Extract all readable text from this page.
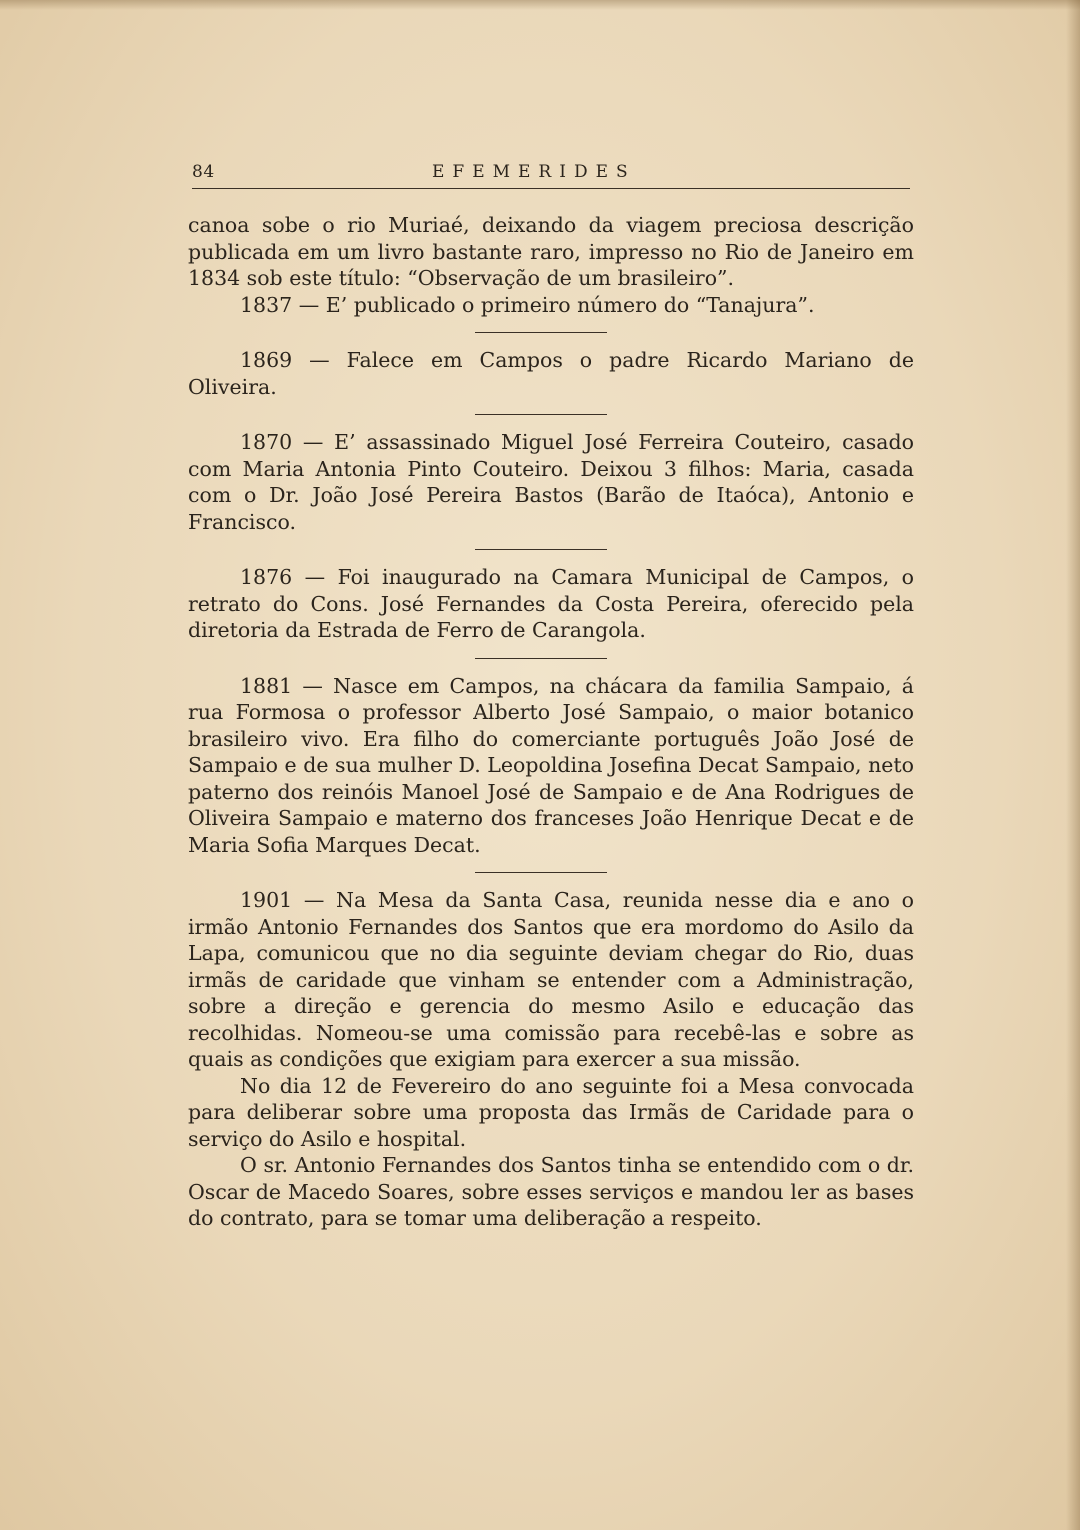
84	EFEMERIDES

canoa sobe o rio Muriaé, deixando da viagem preciosa descrição publicada em um livro bastante raro, impresso no Rio de Janeiro em 1834 sob este título: “Observação de um brasileiro”.

1837 — E’ publicado o primeiro número do “Tanajura”.

1869 — Falece em Campos o padre Ricardo Mariano de Oliveira.

1870 — E’ assassinado Miguel José Ferreira Couteiro, casado com Maria Antonia Pinto Couteiro. Deixou 3 filhos: Maria, casada com o Dr. João José Pereira Bastos (Barão de Itaóca), Antonio e Francisco.

1876 — Foi inaugurado na Camara Municipal de Campos, o retrato do Cons. José Fernandes da Costa Pereira, oferecido pela diretoria da Estrada de Ferro de Carangola.

1881 — Nasce em Campos, na chácara da familia Sampaio, á rua Formosa o professor Alberto José Sampaio, o maior botanico brasileiro vivo. Era filho do comerciante português João José de Sampaio e de sua mulher D. Leopoldina Josefina Decat Sampaio, neto paterno dos reinóis Manoel José de Sampaio e de Ana Rodrigues de Oliveira Sampaio e materno dos franceses João Henrique Decat e de Maria Sofia Marques Decat.

1901 — Na Mesa da Santa Casa, reunida nesse dia e ano o irmão Antonio Fernandes dos Santos que era mordomo do Asilo da Lapa, comunicou que no dia seguinte deviam chegar do Rio, duas irmãs de caridade que vinham se entender com a Administração, sobre a direção e gerencia do mesmo Asilo e educação das recolhidas. Nomeou-se uma comissão para recebê-las e sobre as quais as condições que exigiam para exercer a sua missão.

No dia 12 de Fevereiro do ano seguinte foi a Mesa convocada para deliberar sobre uma proposta das Irmãs de Caridade para o serviço do Asilo e hospital.

O sr. Antonio Fernandes dos Santos tinha se entendido com o dr. Oscar de Macedo Soares, sobre esses serviços e mandou ler as bases do contrato, para se tomar uma deliberação a respeito.
